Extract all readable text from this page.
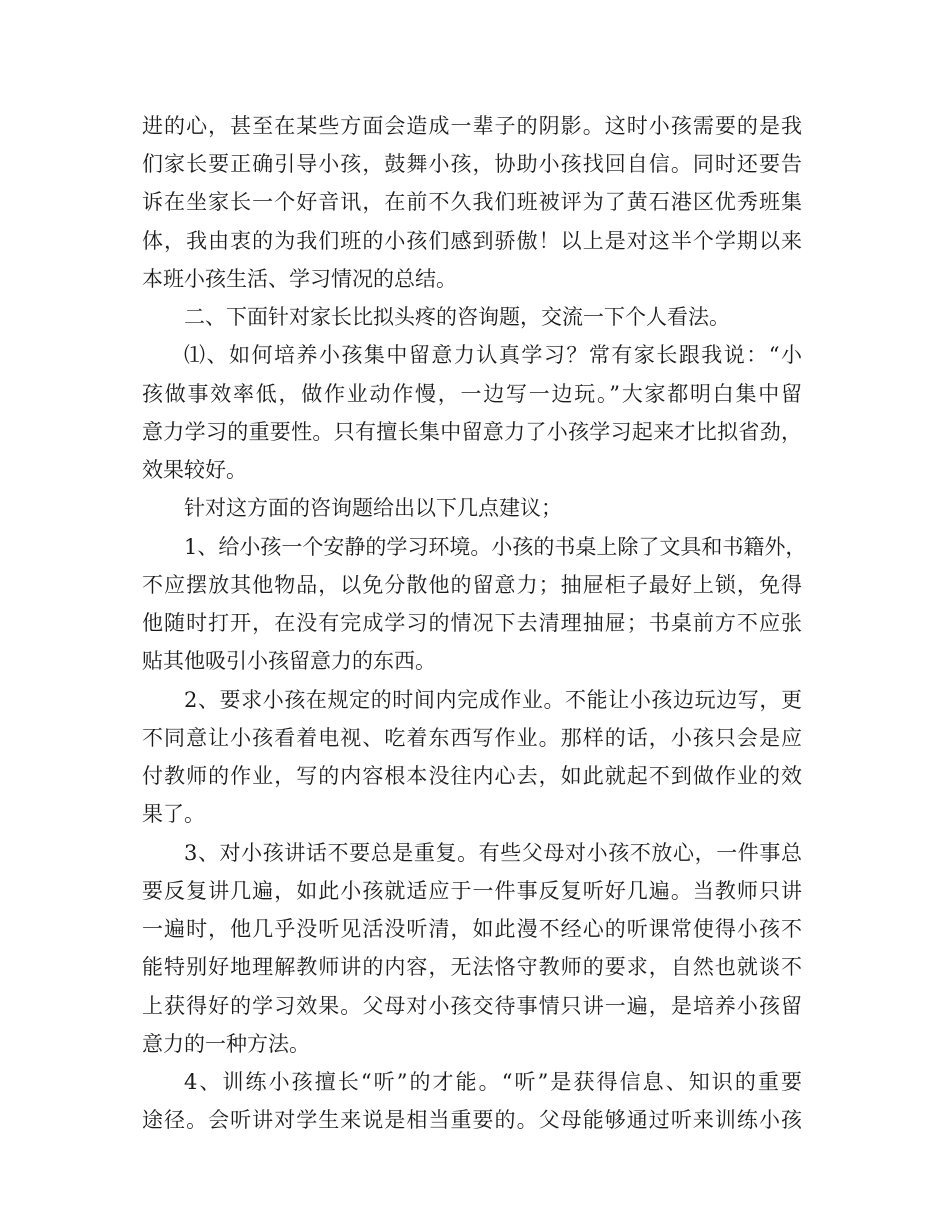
进的心，甚至在某些方面会造成一辈子的阴影。这时小孩需要的是我
们家长要正确引导小孩，鼓舞小孩，协助小孩找回自信。同时还要告
诉在坐家长一个好音讯，在前不久我们班被评为了黄石港区优秀班集
体，我由衷的为我们班的小孩们感到骄傲！以上是对这半个学期以来
本班小孩生活、学习情况的总结。
二、下面针对家长比拟头疼的咨询题，交流一下个人看法。
⑴、如何培养小孩集中留意力认真学习？常有家长跟我说：“小
孩做事效率低，做作业动作慢，一边写一边玩。”大家都明白集中留
意力学习的重要性。只有擅长集中留意力了小孩学习起来才比拟省劲，
效果较好。
针对这方面的咨询题给出以下几点建议；
1、给小孩一个安静的学习环境。小孩的书桌上除了文具和书籍外，
不应摆放其他物品，以免分散他的留意力；抽屉柜子最好上锁，免得
他随时打开，在没有完成学习的情况下去清理抽屉；书桌前方不应张
贴其他吸引小孩留意力的东西。
2、要求小孩在规定的时间内完成作业。不能让小孩边玩边写，更
不同意让小孩看着电视、吃着东西写作业。那样的话，小孩只会是应
付教师的作业，写的内容根本没往内心去，如此就起不到做作业的效
果了。
3、对小孩讲话不要总是重复。有些父母对小孩不放心，一件事总
要反复讲几遍，如此小孩就适应于一件事反复听好几遍。当教师只讲
一遍时，他几乎没听见活没听清，如此漫不经心的听课常使得小孩不
能特别好地理解教师讲的内容，无法恪守教师的要求，自然也就谈不
上获得好的学习效果。父母对小孩交待事情只讲一遍，是培养小孩留
意力的一种方法。
4、训练小孩擅长“听”的才能。“听”是获得信息、知识的重要
途径。会听讲对学生来说是相当重要的。父母能够通过听来训练小孩
